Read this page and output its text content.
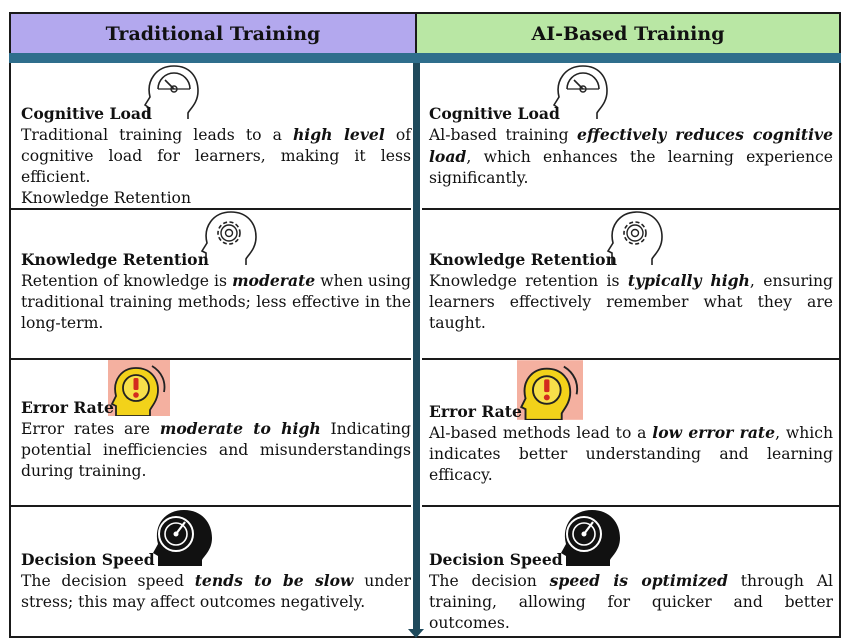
Traditional Training	AI-Based Training
Cognitive Load

Traditional training leads to a high level of cognitive load for learners, making it less efficient.

Knowledge Retention

Cognitive Load

Al-based training effectively reduces cognitive load, which enhances the learning experience significantly.

Knowledge Retention

Retention of knowledge is moderate when using traditional training methods; less effective in the long-term.

Knowledge Retention

Knowledge retention is typically high, ensuring learners effectively remember what they are taught.

Error Rate

Error rates are moderate to high Indicating potential inefficiencies and misunderstandings during training.

Error Rate

Al-based methods lead to a low error rate, which indicates better understanding and learning efficacy.

Decision Speed

The decision speed tends to be slow under stress; this may affect outcomes negatively.

Decision Speed

The decision speed is optimized through Al training, allowing for quicker and better outcomes.
